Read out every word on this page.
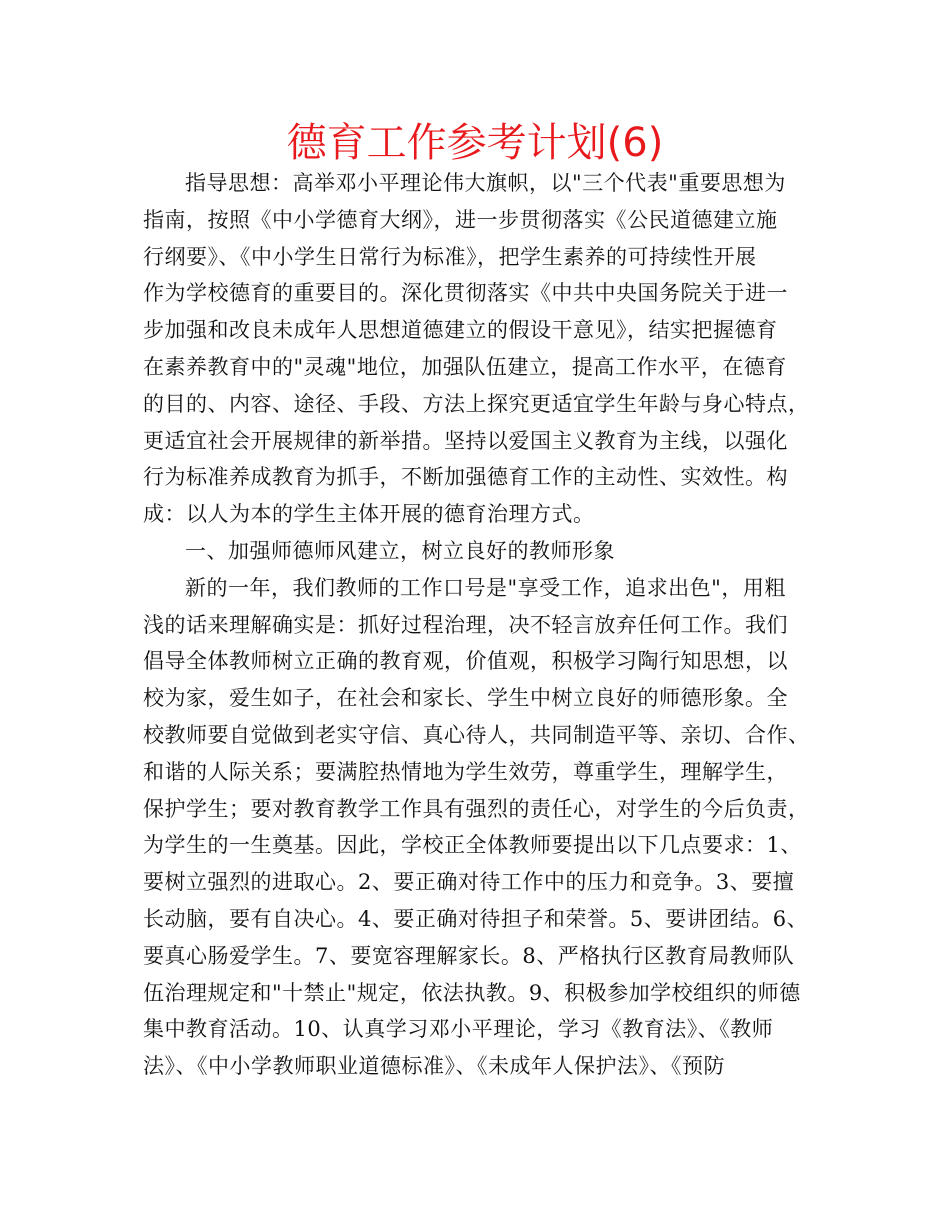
德育工作参考计划(6)
指导思想：高举邓小平理论伟大旗帜，以"三个代表"重要思想为
指南，按照《中小学德育大纲》，进一步贯彻落实《公民道德建立施
行纲要》、《中小学生日常行为标准》，把学生素养的可持续性开展
作为学校德育的重要目的。深化贯彻落实《中共中央国务院关于进一
步加强和改良未成年人思想道德建立的假设干意见》，结实把握德育
在素养教育中的"灵魂"地位，加强队伍建立，提高工作水平，在德育
的目的、内容、途径、手段、方法上探究更适宜学生年龄与身心特点，
更适宜社会开展规律的新举措。坚持以爱国主义教育为主线，以强化
行为标准养成教育为抓手，不断加强德育工作的主动性、实效性。构
成：以人为本的学生主体开展的德育治理方式。
一、加强师德师风建立，树立良好的教师形象
新的一年，我们教师的工作口号是"享受工作，追求出色"，用粗
浅的话来理解确实是：抓好过程治理，决不轻言放弃任何工作。我们
倡导全体教师树立正确的教育观，价值观，积极学习陶行知思想，以
校为家，爱生如子，在社会和家长、学生中树立良好的师德形象。全
校教师要自觉做到老实守信、真心待人，共同制造平等、亲切、合作、
和谐的人际关系；要满腔热情地为学生效劳，尊重学生，理解学生，
保护学生；要对教育教学工作具有强烈的责任心，对学生的今后负责，
为学生的一生奠基。因此，学校正全体教师要提出以下几点要求：1、
要树立强烈的进取心。2、要正确对待工作中的压力和竞争。3、要擅
长动脑，要有自决心。4、要正确对待担子和荣誉。5、要讲团结。6、
要真心肠爱学生。7、要宽容理解家长。8、严格执行区教育局教师队
伍治理规定和"十禁止"规定，依法执教。9、积极参加学校组织的师德
集中教育活动。10、认真学习邓小平理论，学习《教育法》、《教师
法》、《中小学教师职业道德标准》、《未成年人保护法》、《预防
